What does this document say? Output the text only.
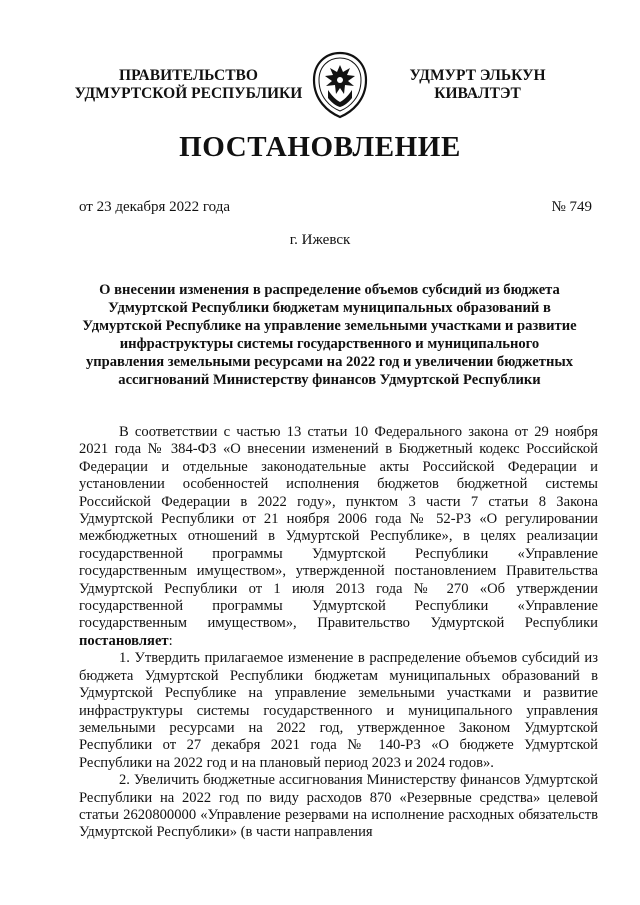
ПРАВИТЕЛЬСТВО
УДМУРТСКОЙ РЕСПУБЛИКИ
УДМУРТ ЭЛЬКУН
КИВАЛТЭТ
ПОСТАНОВЛЕНИЕ
от 23 декабря 2022 года	№ 749
г. Ижевск
О внесении изменения в распределение объемов субсидий из бюджета Удмуртской Республики бюджетам муниципальных образований в Удмуртской Республике на управление земельными участками и развитие инфраструктуры системы государственного и муниципального управления земельными ресурсами на 2022 год и увеличении бюджетных ассигнований Министерству финансов Удмуртской Республики

В соответствии с частью 13 статьи 10 Федерального закона от 29 ноября 2021 года № 384-ФЗ «О внесении изменений в Бюджетный кодекс Российской Федерации и отдельные законодательные акты Российской Федерации и установлении особенностей исполнения бюджетов бюджетной системы Российской Федерации в 2022 году», пунктом 3 части 7 статьи 8 Закона Удмуртской Республики от 21 ноября 2006 года № 52-РЗ «О регулировании межбюджетных отношений в Удмуртской Республике», в целях реализации государственной программы Удмуртской Республики «Управление государственным имуществом», утвержденной постановлением Правительства Удмуртской Республики от 1 июля 2013 года № 270 «Об утверждении государственной программы Удмуртской Республики «Управление государственным имуществом», Правительство Удмуртской Республики постановляет:

1. Утвердить прилагаемое изменение в распределение объемов субсидий из бюджета Удмуртской Республики бюджетам муниципальных образований в Удмуртской Республике на управление земельными участками и развитие инфраструктуры системы государственного и муниципального управления земельными ресурсами на 2022 год, утвержденное Законом Удмуртской Республики от 27 декабря 2021 года № 140-РЗ «О бюджете Удмуртской Республики на 2022 год и на плановый период 2023 и 2024 годов».

2. Увеличить бюджетные ассигнования Министерству финансов Удмуртской Республики на 2022 год по виду расходов 870 «Резервные средства» целевой статьи 2620800000 «Управление резервами на исполнение расходных обязательств Удмуртской Республики» (в части направления
